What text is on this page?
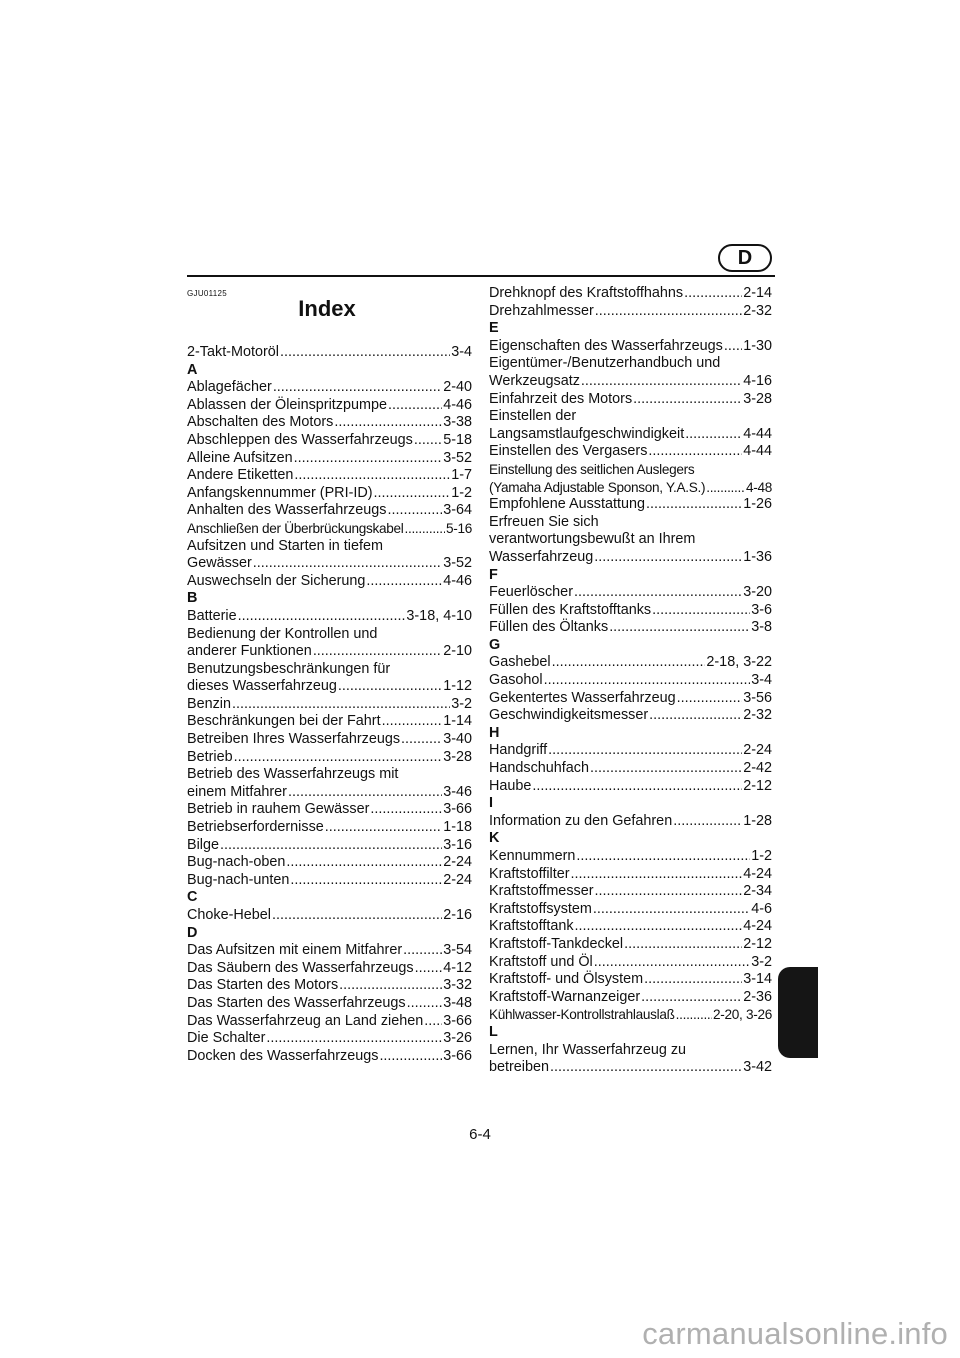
D
GJU01125
Index
2-Takt-Motoröl .....	3-4
A
Ablagefächer .....	2-40
Ablassen der Öleinspritzpumpe .....	4-46
Abschalten des Motors .....	3-38
Abschleppen des Wasserfahrzeugs ..... 5-18
Alleine Aufsitzen .....	3-52
Andere Etiketten .....	1-7
Anfangskennummer (PRI-ID) .....	1-2
Anhalten des Wasserfahrzeugs .....	3-64
Anschließen der Überbrückungskabel .....	5-16
Aufsitzen und Starten in tiefem
Gewässer .....	3-52
Auswechseln der Sicherung .....	4-46
B
Batterie .....	3-18, 4-10
Bedienung der Kontrollen und
anderer Funktionen .....	2-10
Benutzungsbeschränkungen für
dieses Wasserfahrzeug .....	1-12
Benzin .....	3-2
Beschränkungen bei der Fahrt .....	1-14
Betreiben Ihres Wasserfahrzeugs .....	3-40
Betrieb .....	3-28
Betrieb des Wasserfahrzeugs mit
einem Mitfahrer .....	3-46
Betrieb in rauhem Gewässer .....	3-66
Betriebserfordernisse .....	1-18
Bilge .....	3-16
Bug-nach-oben .....	2-24
Bug-nach-unten .....	2-24
C
Choke-Hebel .....	2-16
D
Das Aufsitzen mit einem Mitfahrer .....	3-54
Das Säubern des Wasserfahrzeugs ..... 4-12
Das Starten des Motors .....	3-32
Das Starten des Wasserfahrzeugs .....	3-48
Das Wasserfahrzeug an Land ziehen ..... 3-66
Die Schalter .....	3-26
Docken des Wasserfahrzeugs .....	3-66
Drehknopf des Kraftstoffhahns .....	2-14
Drehzahlmesser .....	2-32
E
Eigenschaften des Wasserfahrzeugs ..... 1-30
Eigentümer-/Benutzerhandbuch und
Werkzeugsatz .....	4-16
Einfahrzeit des Motors .....	3-28
Einstellen der
Langsamstlaufgeschwindigkeit .....	4-44
Einstellen des Vergasers .....	4-44
Einstellung des seitlichen Auslegers
(Yamaha Adjustable Sponson, Y.A.S.) .....	4-48
Empfohlene Ausstattung .....	1-26
Erfreuen Sie sich
verantwortungsbewußt an Ihrem
Wasserfahrzeug .....	1-36
F
Feuerlöscher .....	3-20
Füllen des Kraftstofftanks .....	3-6
Füllen des Öltanks .....	3-8
G
Gashebel .....	2-18, 3-22
Gasohol .....	3-4
Gekentertes Wasserfahrzeug .....	3-56
Geschwindigkeitsmesser .....	2-32
H
Handgriff .....	2-24
Handschuhfach .....	2-42
Haube .....	2-12
I
Information zu den Gefahren .....	1-28
K
Kennummern .....	1-2
Kraftstoffilter .....	4-24
Kraftstoffmesser .....	2-34
Kraftstoffsystem .....	4-6
Kraftstofftank .....	4-24
Kraftstoff-Tankdeckel .....	2-12
Kraftstoff und Öl .....	3-2
Kraftstoff- und Ölsystem .....	3-14
Kraftstoff-Warnanzeiger .....	2-36
Kühlwasser-Kontrollstrahlauslaß .....	2-20, 3-26
L
Lernen, Ihr Wasserfahrzeug zu
betreiben .....	3-42
6-4
carmanualsonline.info
